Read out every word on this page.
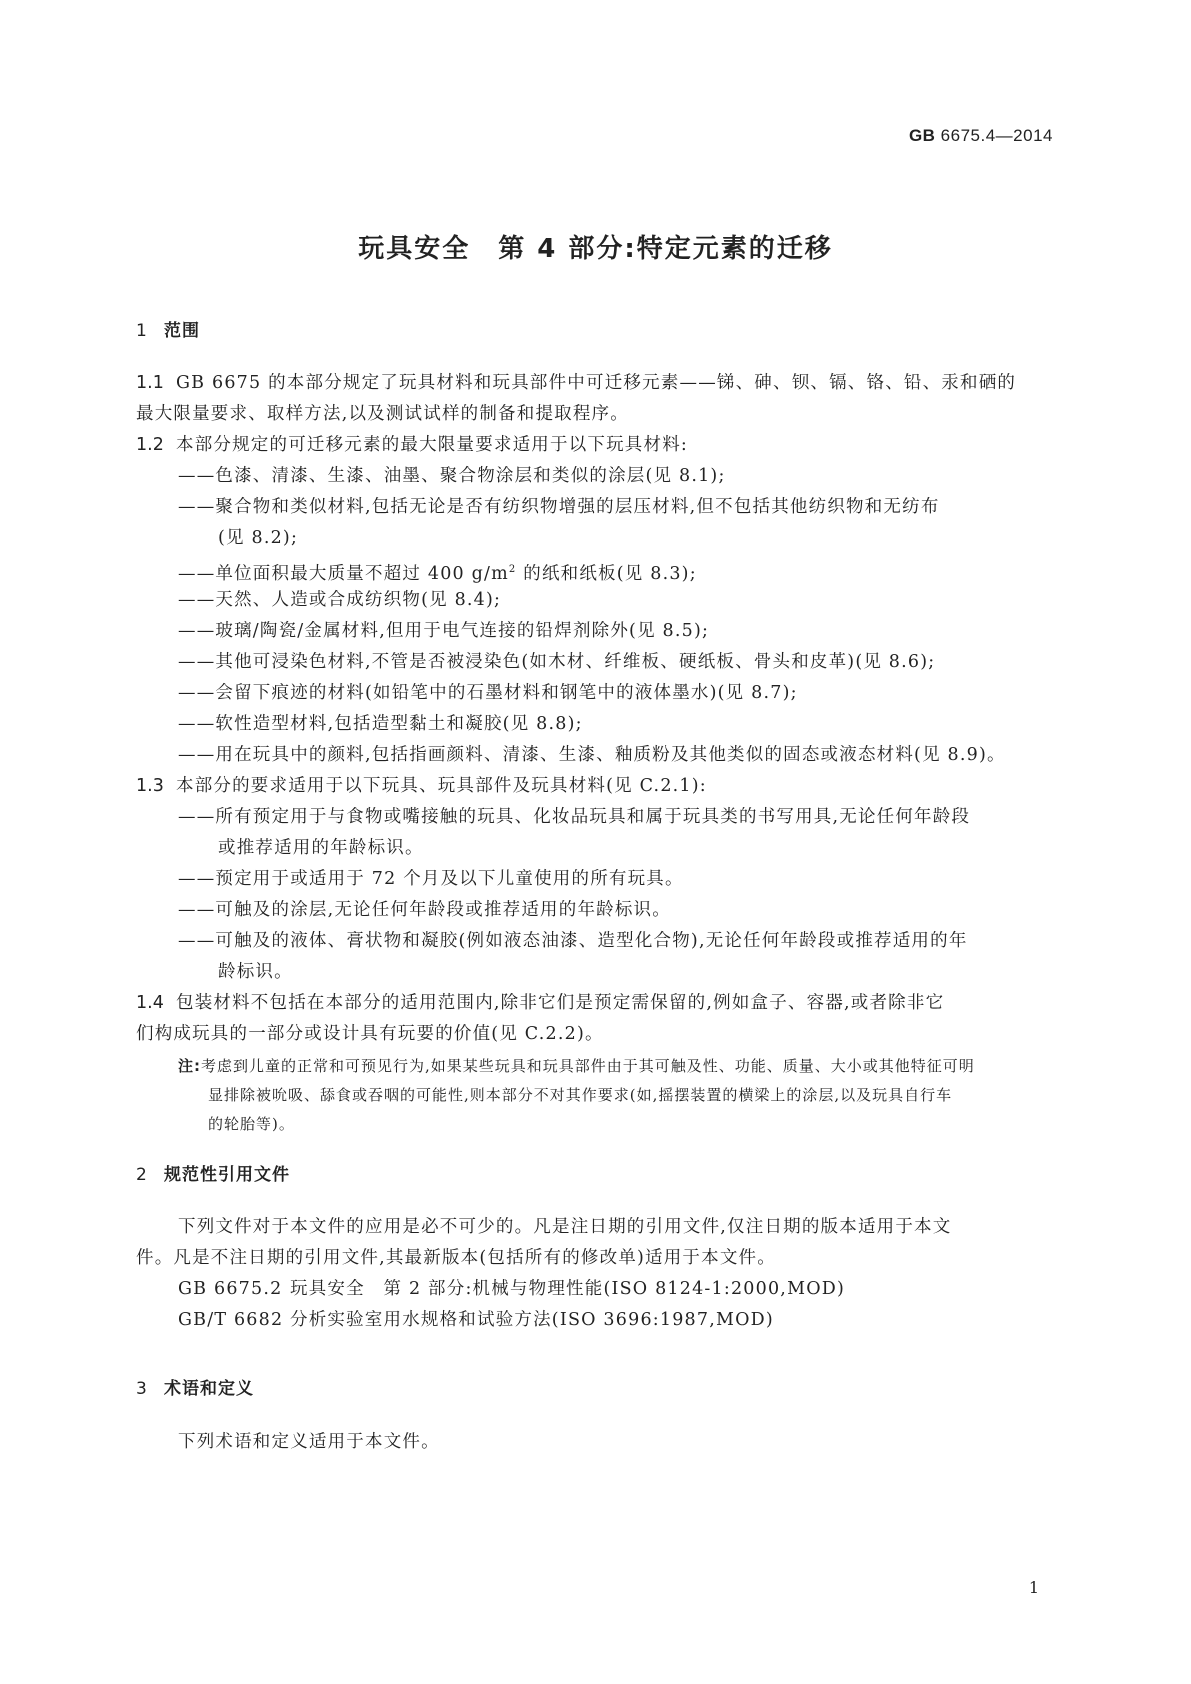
GB 6675.4—2014
玩具安全　第 4 部分:特定元素的迁移
1 范围
1.1 GB 6675 的本部分规定了玩具材料和玩具部件中可迁移元素——锑、砷、钡、镉、铬、铅、汞和硒的
最大限量要求、取样方法,以及测试试样的制备和提取程序。
1.2 本部分规定的可迁移元素的最大限量要求适用于以下玩具材料:
——色漆、清漆、生漆、油墨、聚合物涂层和类似的涂层(见 8.1);
——聚合物和类似材料,包括无论是否有纺织物增强的层压材料,但不包括其他纺织物和无纺布
(见 8.2);
——单位面积最大质量不超过 400 $g/m^2$ 的纸和纸板(见 8.3);
——天然、人造或合成纺织物(见 8.4);
——玻璃/陶瓷/金属材料,但用于电气连接的铅焊剂除外(见 8.5);
——其他可浸染色材料,不管是否被浸染色(如木材、纤维板、硬纸板、骨头和皮革)(见 8.6);
——会留下痕迹的材料(如铅笔中的石墨材料和钢笔中的液体墨水)(见 8.7);
——软性造型材料,包括造型黏土和凝胶(见 8.8);
——用在玩具中的颜料,包括指画颜料、清漆、生漆、釉质粉及其他类似的固态或液态材料(见 8.9)。
1.3 本部分的要求适用于以下玩具、玩具部件及玩具材料(见 C.2.1):
——所有预定用于与食物或嘴接触的玩具、化妆品玩具和属于玩具类的书写用具,无论任何年龄段
或推荐适用的年龄标识。
——预定用于或适用于 72 个月及以下儿童使用的所有玩具。
——可触及的涂层,无论任何年龄段或推荐适用的年龄标识。
——可触及的液体、膏状物和凝胶(例如液态油漆、造型化合物),无论任何年龄段或推荐适用的年
龄标识。
1.4 包装材料不包括在本部分的适用范围内,除非它们是预定需保留的,例如盒子、容器,或者除非它
们构成玩具的一部分或设计具有玩要的价值(见 C.2.2)。
注:考虑到儿童的正常和可预见行为,如果某些玩具和玩具部件由于其可触及性、功能、质量、大小或其他特征可明
显排除被吮吸、舔食或吞咽的可能性,则本部分不对其作要求(如,摇摆装置的横梁上的涂层,以及玩具自行车
的轮胎等)。
2 规范性引用文件
下列文件对于本文件的应用是必不可少的。凡是注日期的引用文件,仅注日期的版本适用于本文
件。凡是不注日期的引用文件,其最新版本(包括所有的修改单)适用于本文件。
GB 6675.2 玩具安全　第 2 部分:机械与物理性能(ISO 8124-1:2000,MOD)
GB/T 6682 分析实验室用水规格和试验方法(ISO 3696:1987,MOD)
3 术语和定义
下列术语和定义适用于本文件。
1
